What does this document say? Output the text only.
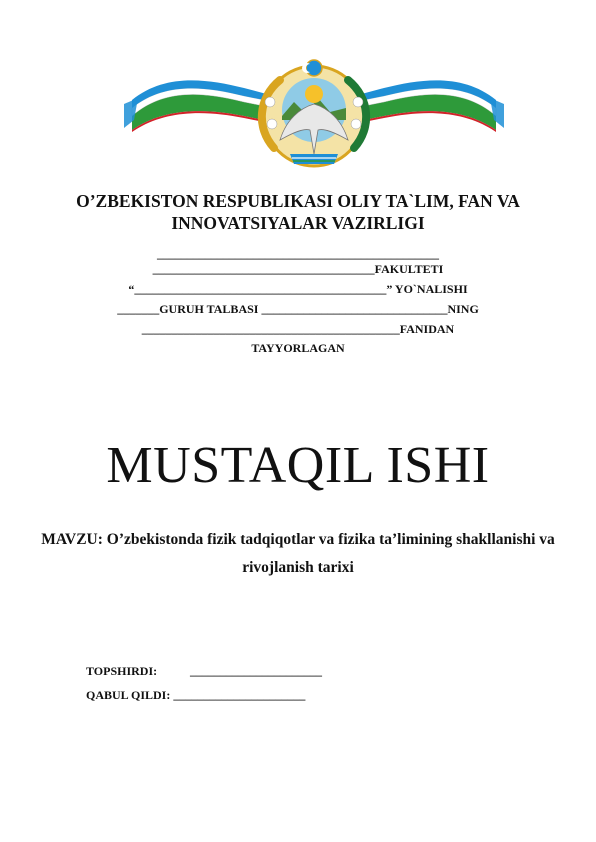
O’ZBEKISTON RESPUBLIKASI OLIY TA`LIM, FAN VA
INNOVATSIYALAR VAZIRLIGI
_______________________________________________
_____________________________________FAKULTETI
“__________________________________________” YO`NALISHI
_______GURUH TALBASI _______________________________NING
___________________________________________FANIDAN
TAYYORLAGAN
MUSTAQIL ISHI
MAVZU: O’zbekistonda fizik tadqiqotlar va fizika ta’limining shakllanishi va rivojlanish tarixi
TOPSHIRDI:	______________________
QABUL QILDI: ______________________
